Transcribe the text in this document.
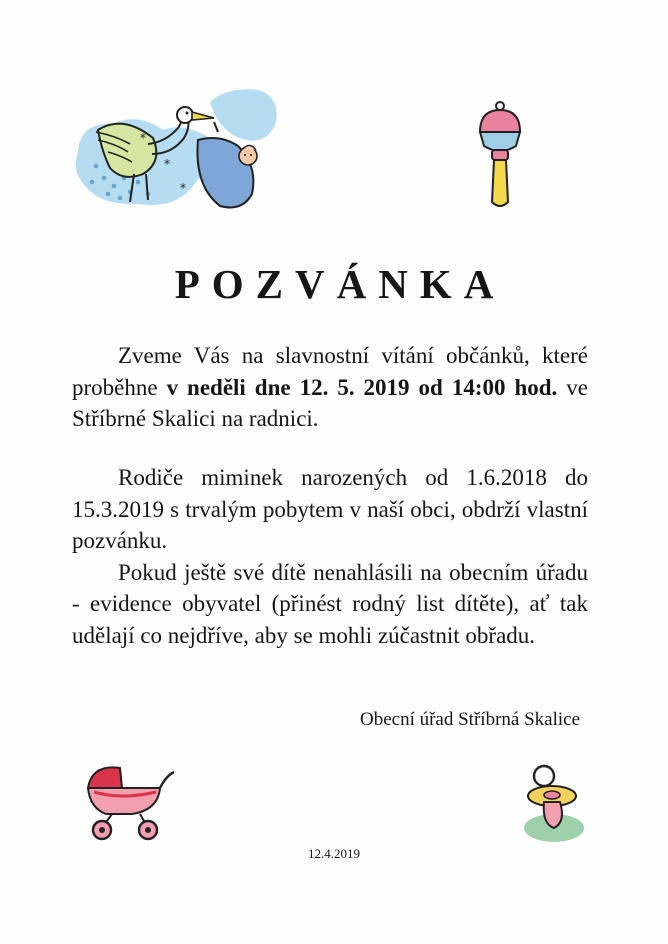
*
*
*
POZVÁNKA

Zveme Vás na slavnostní vítání občánků, které proběhne v neděli dne 12. 5. 2019 od 14:00 hod. ve Stříbrné Skalici na radnici.

Rodiče miminek narozených od 1.6.2018 do 15.3.2019 s trvalým pobytem v naší obci, obdrží vlastní pozvánku.

Pokud ještě své dítě nenahlásili na obecním úřadu - evidence obyvatel (přinést rodný list dítěte), ať tak udělají co nejdříve, aby se mohli zúčastnit obřadu.

Obecní úřad Stříbrná Skalice
12.4.2019
